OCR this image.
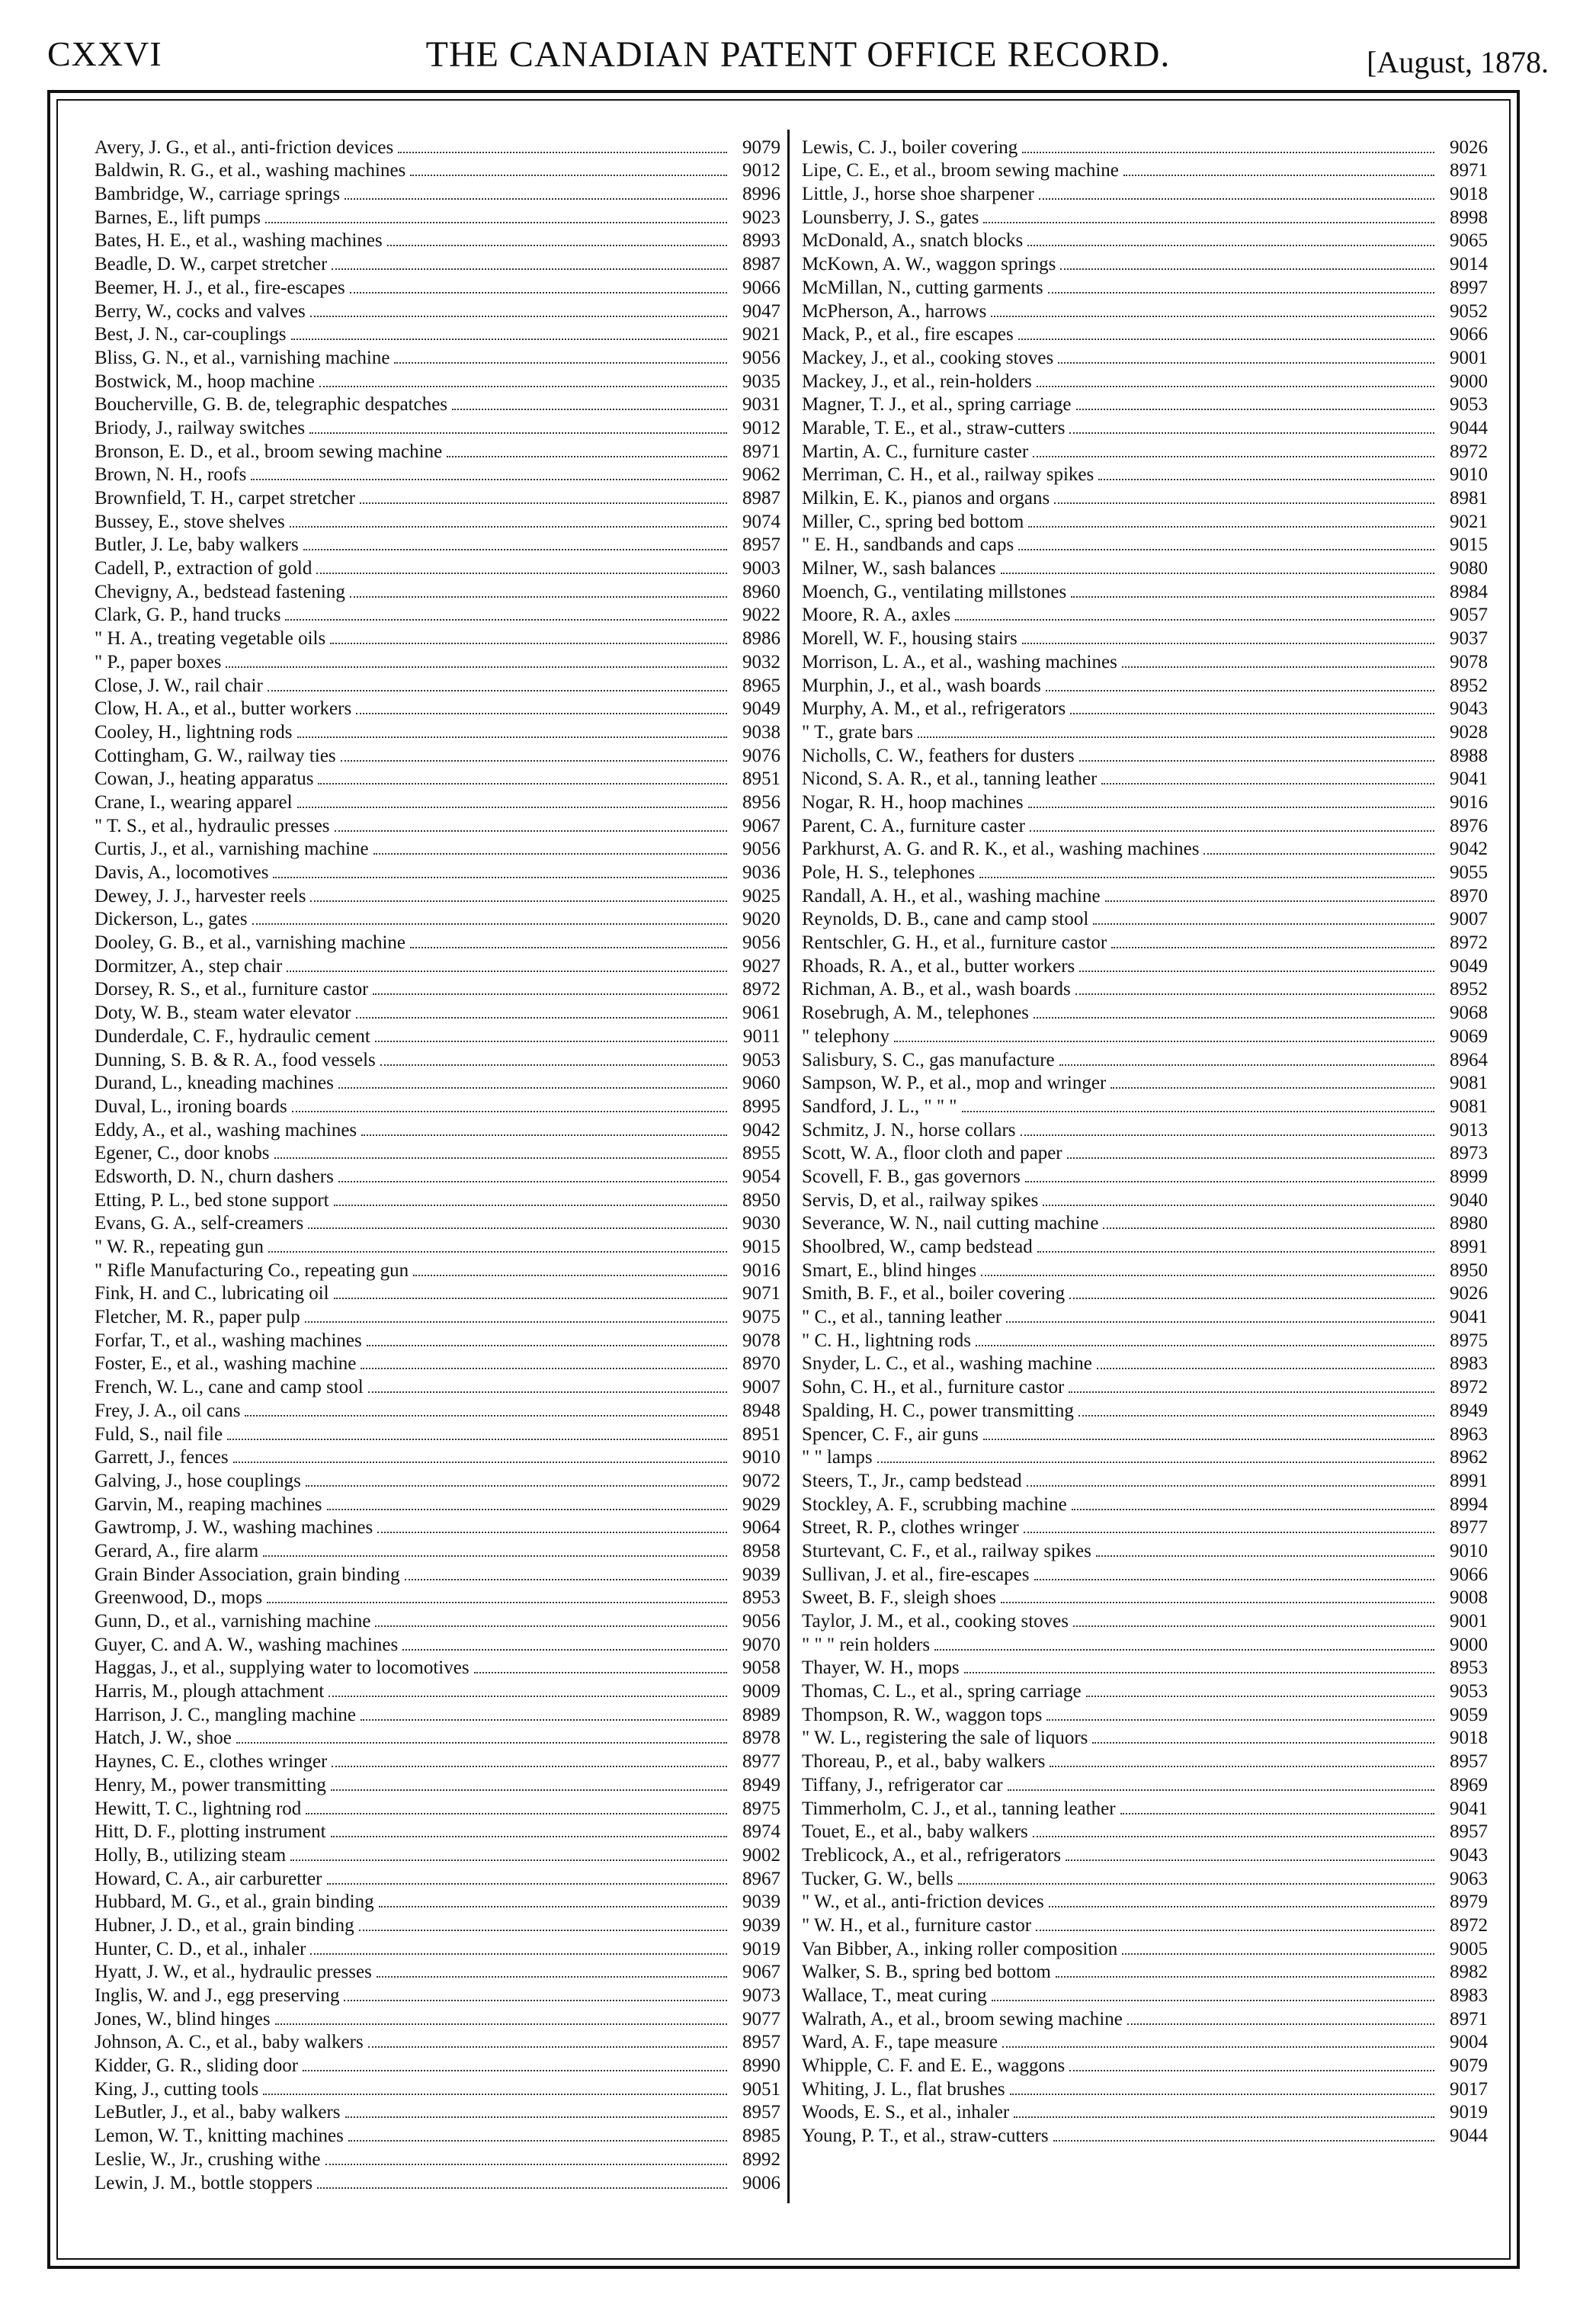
CXXVI	THE CANADIAN PATENT OFFICE RECORD.	[August, 1878.
Avery, J. G., et al., anti-friction devices	9079
Baldwin, R. G., et al., washing machines	9012
Bambridge, W., carriage springs	8996
Barnes, E., lift pumps	9023
Bates, H. E., et al., washing machines	8993
Beadle, D. W., carpet stretcher	8987
Beemer, H. J., et al., fire-escapes	9066
Berry, W., cocks and valves	9047
Best, J. N., car-couplings	9021
Bliss, G. N., et al., varnishing machine	9056
Bostwick, M., hoop machine	9035
Boucherville, G. B. de, telegraphic despatches	9031
Briody, J., railway switches	9012
Bronson, E. D., et al., broom sewing machine	8971
Brown, N. H., roofs	9062
Brownfield, T. H., carpet stretcher	8987
Bussey, E., stove shelves	9074
Butler, J. Le, baby walkers	8957
Cadell, P., extraction of gold	9003
Chevigny, A., bedstead fastening	8960
Clark, G. P., hand trucks	9022
" H. A., treating vegetable oils	8986
" P., paper boxes	9032
Close, J. W., rail chair	8965
Clow, H. A., et al., butter workers	9049
Cooley, H., lightning rods	9038
Cottingham, G. W., railway ties	9076
Cowan, J., heating apparatus	8951
Crane, I., wearing apparel	8956
" T. S., et al., hydraulic presses	9067
Curtis, J., et al., varnishing machine	9056
Davis, A., locomotives	9036
Dewey, J. J., harvester reels	9025
Dickerson, L., gates	9020
Dooley, G. B., et al., varnishing machine	9056
Dormitzer, A., step chair	9027
Dorsey, R. S., et al., furniture castor	8972
Doty, W. B., steam water elevator	9061
Dunderdale, C. F., hydraulic cement	9011
Dunning, S. B. & R. A., food vessels	9053
Durand, L., kneading machines	9060
Duval, L., ironing boards	8995
Eddy, A., et al., washing machines	9042
Egener, C., door knobs	8955
Edsworth, D. N., churn dashers	9054
Etting, P. L., bed stone support	8950
Evans, G. A., self-creamers	9030
" W. R., repeating gun	9015
" Rifle Manufacturing Co., repeating gun	9016
Fink, H. and C., lubricating oil	9071
Fletcher, M. R., paper pulp	9075
Forfar, T., et al., washing machines	9078
Foster, E., et al., washing machine	8970
French, W. L., cane and camp stool	9007
Frey, J. A., oil cans	8948
Fuld, S., nail file	8951
Garrett, J., fences	9010
Galving, J., hose couplings	9072
Garvin, M., reaping machines	9029
Gawtromp, J. W., washing machines	9064
Gerard, A., fire alarm	8958
Grain Binder Association, grain binding	9039
Greenwood, D., mops	8953
Gunn, D., et al., varnishing machine	9056
Guyer, C. and A. W., washing machines	9070
Haggas, J., et al., supplying water to locomotives	9058
Harris, M., plough attachment	9009
Harrison, J. C., mangling machine	8989
Hatch, J. W., shoe	8978
Haynes, C. E., clothes wringer	8977
Henry, M., power transmitting	8949
Hewitt, T. C., lightning rod	8975
Hitt, D. F., plotting instrument	8974
Holly, B., utilizing steam	9002
Howard, C. A., air carburetter	8967
Hubbard, M. G., et al., grain binding	9039
Hubner, J. D., et al., grain binding	9039
Hunter, C. D., et al., inhaler	9019
Hyatt, J. W., et al., hydraulic presses	9067
Inglis, W. and J., egg preserving	9073
Jones, W., blind hinges	9077
Johnson, A. C., et al., baby walkers	8957
Kidder, G. R., sliding door	8990
King, J., cutting tools	9051
LeButler, J., et al., baby walkers	8957
Lemon, W. T., knitting machines	8985
Leslie, W., Jr., crushing withe	8992
Lewin, J. M., bottle stoppers	9006
Lewis, C. J., boiler covering	9026
Lipe, C. E., et al., broom sewing machine	8971
Little, J., horse shoe sharpener	9018
Lounsberry, J. S., gates	8998
McDonald, A., snatch blocks	9065
McKown, A. W., waggon springs	9014
McMillan, N., cutting garments	8997
McPherson, A., harrows	9052
Mack, P., et al., fire escapes	9066
Mackey, J., et al., cooking stoves	9001
Mackey, J., et al., rein-holders	9000
Magner, T. J., et al., spring carriage	9053
Marable, T. E., et al., straw-cutters	9044
Martin, A. C., furniture caster	8972
Merriman, C. H., et al., railway spikes	9010
Milkin, E. K., pianos and organs	8981
Miller, C., spring bed bottom	9021
" E. H., sandbands and caps	9015
Milner, W., sash balances	9080
Moench, G., ventilating millstones	8984
Moore, R. A., axles	9057
Morell, W. F., housing stairs	9037
Morrison, L. A., et al., washing machines	9078
Murphin, J., et al., wash boards	8952
Murphy, A. M., et al., refrigerators	9043
" T., grate bars	9028
Nicholls, C. W., feathers for dusters	8988
Nicond, S. A. R., et al., tanning leather	9041
Nogar, R. H., hoop machines	9016
Parent, C. A., furniture caster	8976
Parkhurst, A. G. and R. K., et al., washing machines	9042
Pole, H. S., telephones	9055
Randall, A. H., et al., washing machine	8970
Reynolds, D. B., cane and camp stool	9007
Rentschler, G. H., et al., furniture castor	8972
Rhoads, R. A., et al., butter workers	9049
Richman, A. B., et al., wash boards	8952
Rosebrugh, A. M., telephones	9068
" telephony	9069
Salisbury, S. C., gas manufacture	8964
Sampson, W. P., et al., mop and wringer	9081
Sandford, J. L., " " "	9081
Schmitz, J. N., horse collars	9013
Scott, W. A., floor cloth and paper	8973
Scovell, F. B., gas governors	8999
Servis, D, et al., railway spikes	9040
Severance, W. N., nail cutting machine	8980
Shoolbred, W., camp bedstead	8991
Smart, E., blind hinges	8950
Smith, B. F., et al., boiler covering	9026
" C., et al., tanning leather	9041
" C. H., lightning rods	8975
Snyder, L. C., et al., washing machine	8983
Sohn, C. H., et al., furniture castor	8972
Spalding, H. C., power transmitting	8949
Spencer, C. F., air guns	8963
" " lamps	8962
Steers, T., Jr., camp bedstead	8991
Stockley, A. F., scrubbing machine	8994
Street, R. P., clothes wringer	8977
Sturtevant, C. F., et al., railway spikes	9010
Sullivan, J. et al., fire-escapes	9066
Sweet, B. F., sleigh shoes	9008
Taylor, J. M., et al., cooking stoves	9001
" " " rein holders	9000
Thayer, W. H., mops	8953
Thomas, C. L., et al., spring carriage	9053
Thompson, R. W., waggon tops	9059
" W. L., registering the sale of liquors	9018
Thoreau, P., et al., baby walkers	8957
Tiffany, J., refrigerator car	8969
Timmerholm, C. J., et al., tanning leather	9041
Touet, E., et al., baby walkers	8957
Treblicock, A., et al., refrigerators	9043
Tucker, G. W., bells	9063
" W., et al., anti-friction devices	8979
" W. H., et al., furniture castor	8972
Van Bibber, A., inking roller composition	9005
Walker, S. B., spring bed bottom	8982
Wallace, T., meat curing	8983
Walrath, A., et al., broom sewing machine	8971
Ward, A. F., tape measure	9004
Whipple, C. F. and E. E., waggons	9079
Whiting, J. L., flat brushes	9017
Woods, E. S., et al., inhaler	9019
Young, P. T., et al., straw-cutters	9044
